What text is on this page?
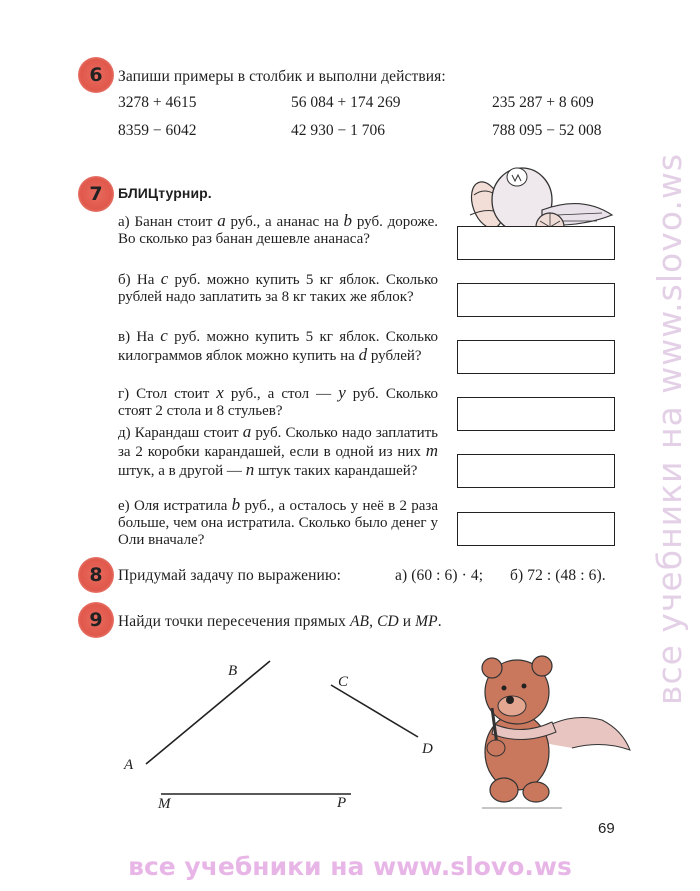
6 Запиши примеры в столбик и выполни действия:
3278 + 4615	56 084 + 174 269	235 287 + 8 609
8359 − 6042	42 930 − 1 706	788 095 − 52 008
7 БЛИЦтурнир.
а) Банан стоит a руб., а ананас на b руб. дороже. Во сколько раз банан дешевле ананаса?
б) На c руб. можно купить 5 кг яблок. Сколько рублей надо заплатить за 8 кг таких же яблок?
в) На c руб. можно купить 5 кг яблок. Сколько килограммов яблок можно купить на d рублей?
г) Стол стоит x руб., а стол — y руб. Сколько стоят 2 стола и 8 стульев?
д) Карандаш стоит a руб. Сколько надо заплатить за 2 коробки карандашей, если в одной из них m штук, а в другой — n штук таких карандашей?
е) Оля истратила b руб., а осталось у неё в 2 раза больше, чем она истратила. Сколько было денег у Оли вначале?
8 Придумай задачу по выражению:	а) (60 : 6) · 4; б) 72 : (48 : 6).
9 Найди точки пересечения прямых AB, CD и MP.
A
B
C
D
M	P
69
все учебники на www.slovo.ws
все учебники на www.slovo.ws
